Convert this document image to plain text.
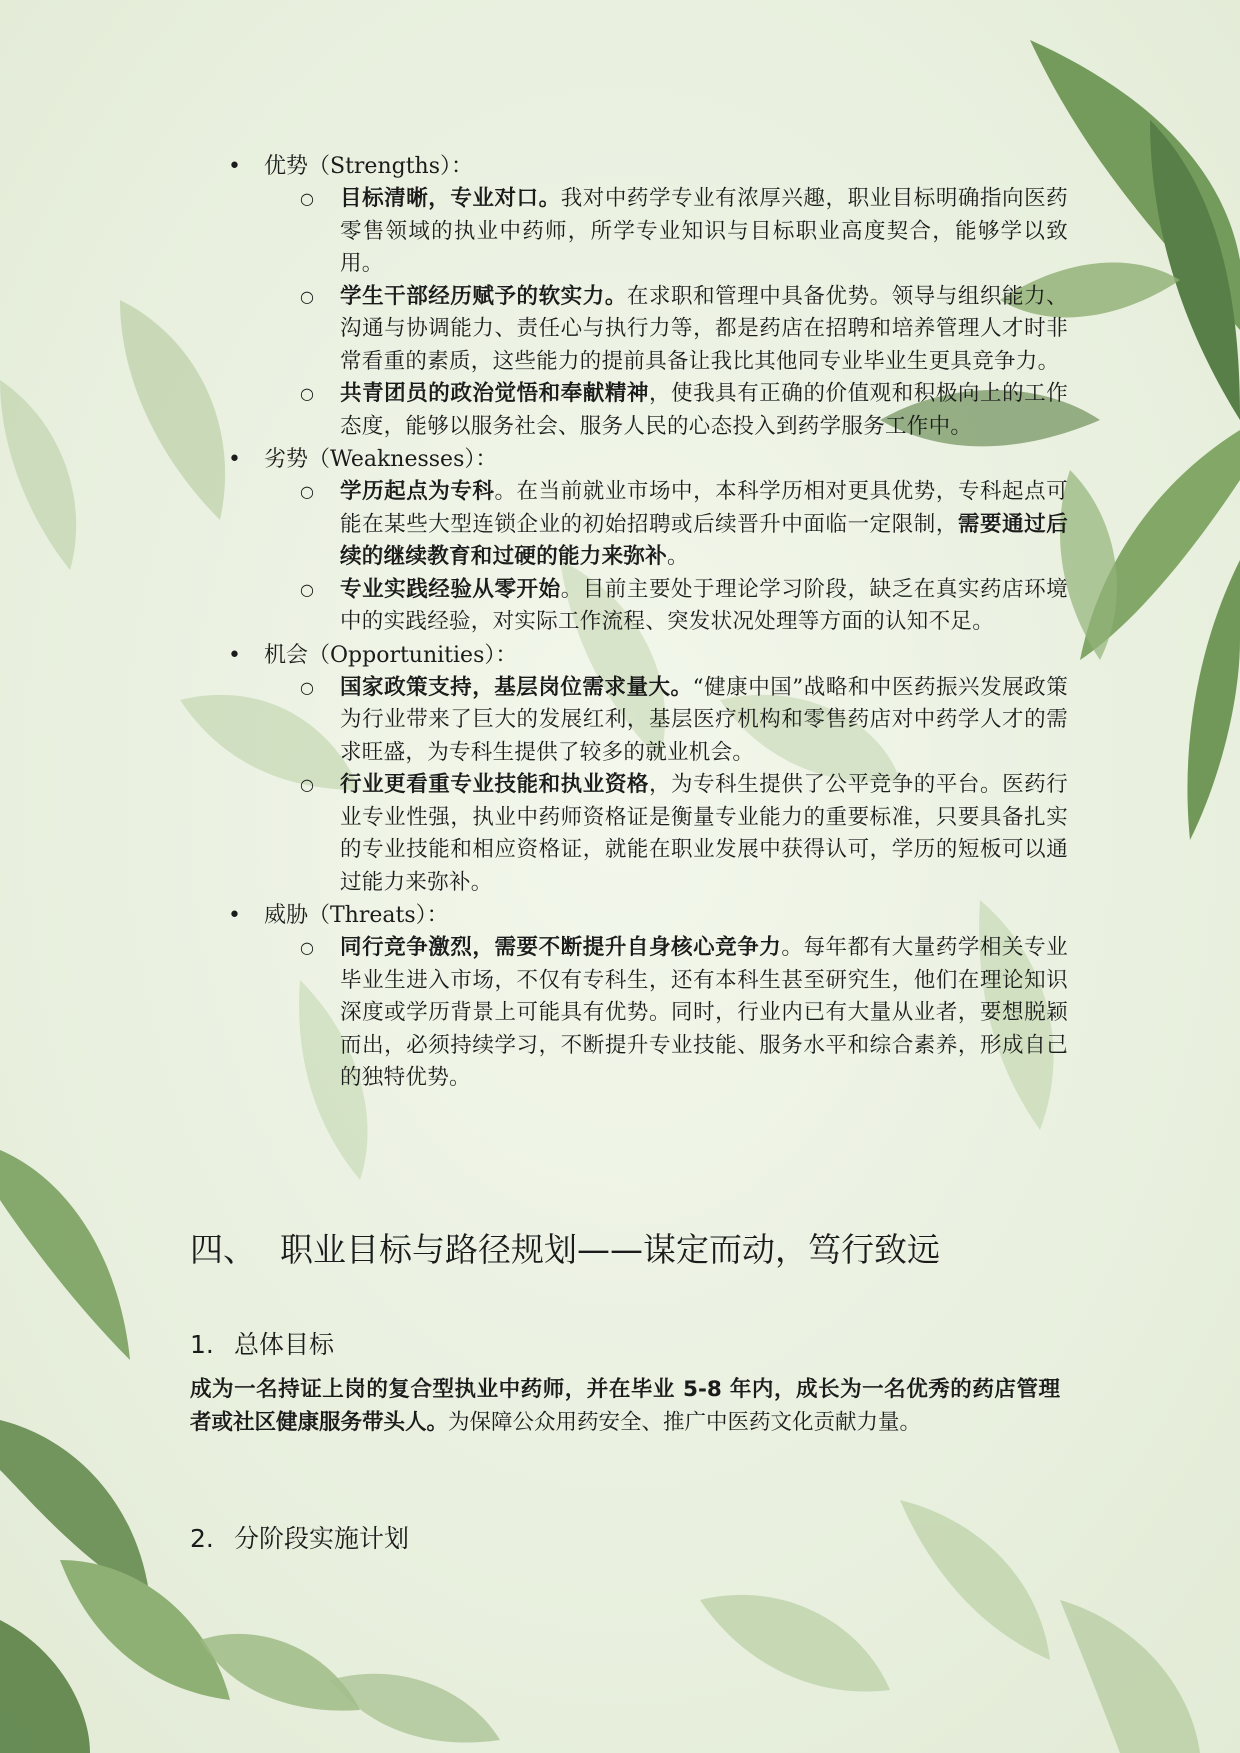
• 优势（Strengths）：
○ 目标清晰，专业对口。我对中药学专业有浓厚兴趣，职业目标明确指向医药零售领域的执业中药师，所学专业知识与目标职业高度契合，能够学以致用。
○ 学生干部经历赋予的软实力。在求职和管理中具备优势。领导与组织能力、沟通与协调能力、责任心与执行力等，都是药店在招聘和培养管理人才时非常看重的素质，这些能力的提前具备让我比其他同专业毕业生更具竞争力。
○ 共青团员的政治觉悟和奉献精神，使我具有正确的价值观和积极向上的工作态度，能够以服务社会、服务人民的心态投入到药学服务工作中。
• 劣势（Weaknesses）：
○ 学历起点为专科。在当前就业市场中，本科学历相对更具优势，专科起点可能在某些大型连锁企业的初始招聘或后续晋升中面临一定限制，需要通过后续的继续教育和过硬的能力来弥补。
○ 专业实践经验从零开始。目前主要处于理论学习阶段，缺乏在真实药店环境中的实践经验，对实际工作流程、突发状况处理等方面的认知不足。
• 机会（Opportunities）：
○ 国家政策支持，基层岗位需求量大。“健康中国”战略和中医药振兴发展政策为行业带来了巨大的发展红利，基层医疗机构和零售药店对中药学人才的需求旺盛，为专科生提供了较多的就业机会。
○ 行业更看重专业技能和执业资格，为专科生提供了公平竞争的平台。医药行业专业性强，执业中药师资格证是衡量专业能力的重要标准，只要具备扎实的专业技能和相应资格证，就能在职业发展中获得认可，学历的短板可以通过能力来弥补。
• 威胁（Threats）：
○ 同行竞争激烈，需要不断提升自身核心竞争力。每年都有大量药学相关专业毕业生进入市场，不仅有专科生，还有本科生甚至研究生，他们在理论知识深度或学历背景上可能具有优势。同时，行业内已有大量从业者，要想脱颖而出，必须持续学习，不断提升专业技能、服务水平和综合素养，形成自己的独特优势。
四、 职业目标与路径规划——谋定而动，笃行致远
1. 总体目标

成为一名持证上岗的复合型执业中药师，并在毕业 5-8 年内，成长为一名优秀的药店管理者或社区健康服务带头人。为保障公众用药安全、推广中医药文化贡献力量。

2. 分阶段实施计划
